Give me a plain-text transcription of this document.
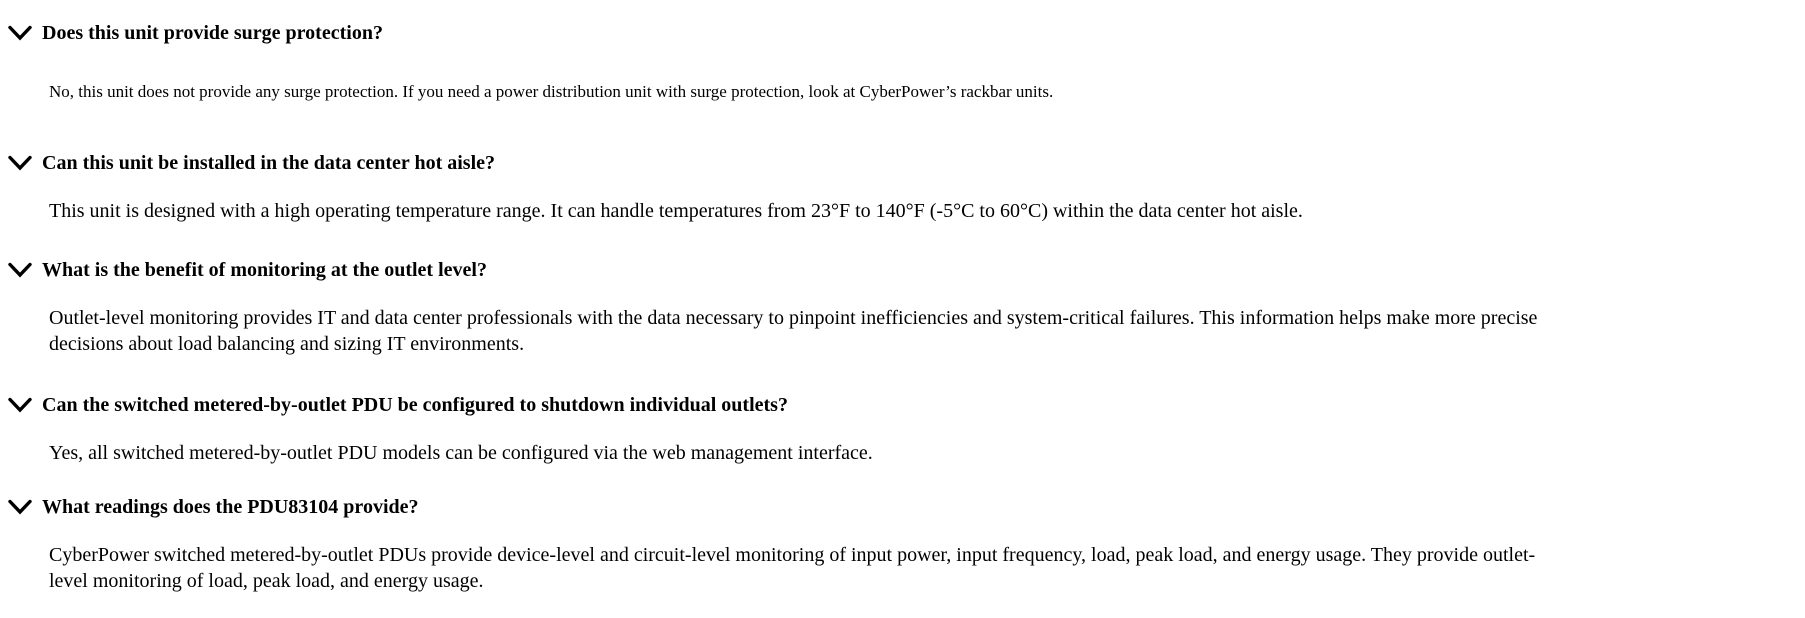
Does this unit provide surge protection?

No, this unit does not provide any surge protection. If you need a power distribution unit with surge protection, look at CyberPower’s rackbar units.

Can this unit be installed in the data center hot aisle?

This unit is designed with a high operating temperature range. It can handle temperatures from 23°F to 140°F (-5°C to 60°C) within the data center hot aisle.

What is the benefit of monitoring at the outlet level?

Outlet-level monitoring provides IT and data center professionals with the data necessary to pinpoint inefficiencies and system-critical failures. This information helps make more precise decisions about load balancing and sizing IT environments.

Can the switched metered-by-outlet PDU be configured to shutdown individual outlets?

Yes, all switched metered-by-outlet PDU models can be configured via the web management interface.

What readings does the PDU83104 provide?

CyberPower switched metered-by-outlet PDUs provide device-level and circuit-level monitoring of input power, input frequency, load, peak load, and energy usage. They provide outlet-level monitoring of load, peak load, and energy usage.
